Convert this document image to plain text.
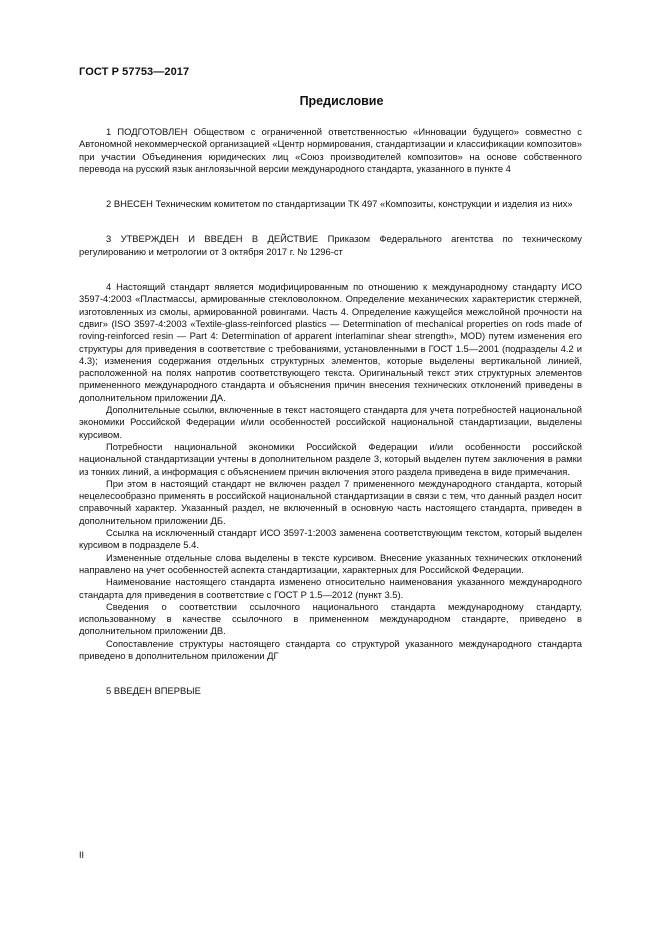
ГОСТ Р 57753—2017
Предисловие

1 ПОДГОТОВЛЕН Обществом с ограниченной ответственностью «Инновации будущего» совместно с Автономной некоммерческой организацией «Центр нормирования, стандартизации и классификации композитов» при участии Объединения юридических лиц «Союз производителей композитов» на основе собственного перевода на русский язык англоязычной версии международного стандарта, указанного в пункте 4

2 ВНЕСЕН Техническим комитетом по стандартизации ТК 497 «Композиты, конструкции и изделия из них»

3 УТВЕРЖДЕН И ВВЕДЕН В ДЕЙСТВИЕ Приказом Федерального агентства по техническому регулированию и метрологии от 3 октября 2017 г. № 1296-ст

4 Настоящий стандарт является модифицированным по отношению к международному стандарту ИСО 3597-4:2003 «Пластмассы, армированные стекловолокном. Определение механических характеристик стержней, изготовленных из смолы, армированной ровингами. Часть 4. Определение кажущейся межслойной прочности на сдвиг» (ISO 3597-4:2003 «Textile-glass-reinforced plastics — Determination of mechanical properties on rods made of roving-reinforced resin — Part 4: Determination of apparent interlaminar shear strength», MOD) путем изменения его структуры для приведения в соответствие с требованиями, установленными в ГОСТ 1.5—2001 (подразделы 4.2 и 4.3); изменения содержания отдельных структурных элементов, которые выделены вертикальной линией, расположенной на полях напротив соответствующего текста. Оригинальный текст этих структурных элементов примененного международного стандарта и объяснения причин внесения технических отклонений приведены в дополнительном приложении ДА.

Дополнительные ссылки, включенные в текст настоящего стандарта для учета потребностей национальной экономики Российской Федерации и/или особенностей российской национальной стандартизации, выделены курсивом.

Потребности национальной экономики Российской Федерации и/или особенности российской национальной стандартизации учтены в дополнительном разделе 3, который выделен путем заключения в рамки из тонких линий, а информация с объяснением причин включения этого раздела приведена в виде примечания.

При этом в настоящий стандарт не включен раздел 7 примененного международного стандарта, который нецелесообразно применять в российской национальной стандартизации в связи с тем, что данный раздел носит справочный характер. Указанный раздел, не включенный в основную часть настоящего стандарта, приведен в дополнительном приложении ДБ.

Ссылка на исключенный стандарт ИСО 3597-1:2003 заменена соответствующим текстом, который выделен курсивом в подразделе 5.4.

Измененные отдельные слова выделены в тексте курсивом. Внесение указанных технических отклонений направлено на учет особенностей аспекта стандартизации, характерных для Российской Федерации.

Наименование настоящего стандарта изменено относительно наименования указанного международного стандарта для приведения в соответствие с ГОСТ Р 1.5—2012 (пункт 3.5).

Сведения о соответствии ссылочного национального стандарта международному стандарту, использованному в качестве ссылочного в примененном международном стандарте, приведено в дополнительном приложении ДВ.

Сопоставление структуры настоящего стандарта со структурой указанного международного стандарта приведено в дополнительном приложении ДГ

5 ВВЕДЕН ВПЕРВЫЕ

II
